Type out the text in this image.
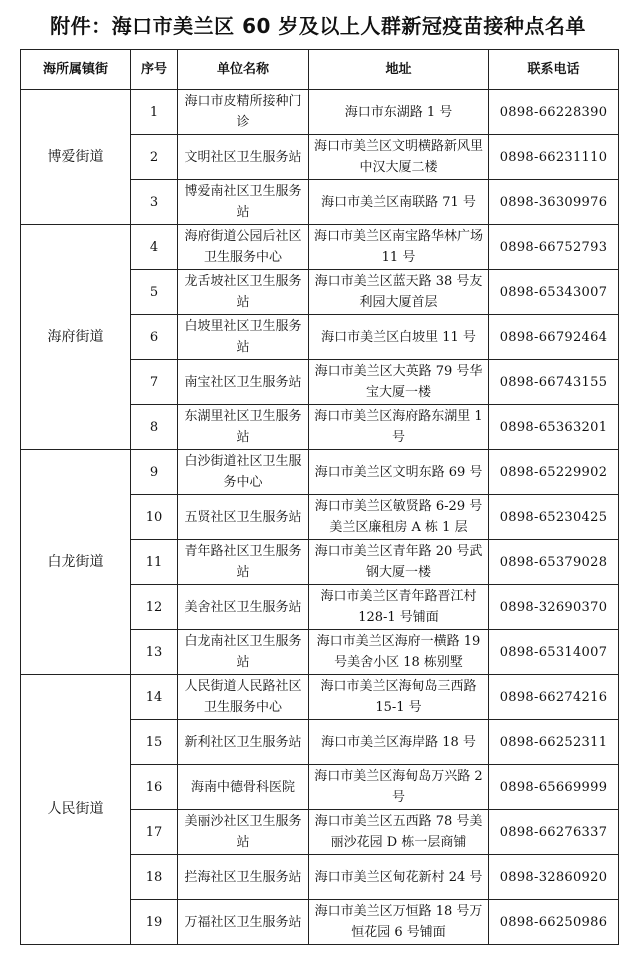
附件：海口市美兰区 60 岁及以上人群新冠疫苗接种点名单
海所属镇街	序号	单位名称	地址	联系电话
博爱街道	1	海口市皮精所接种门诊	海口市东湖路 1 号	0898-66228390
	2	文明社区卫生服务站	海口市美兰区文明横路新风里中汉大厦二楼	0898-66231110
	3	博爱南社区卫生服务站	海口市美兰区南联路 71 号	0898-36309976
海府街道	4	海府街道公园后社区卫生服务中心	海口市美兰区南宝路华林广场 11 号	0898-66752793
	5	龙舌坡社区卫生服务站	海口市美兰区蓝天路 38 号友利园大厦首层	0898-65343007
	6	白坡里社区卫生服务站	海口市美兰区白坡里 11 号	0898-66792464
	7	南宝社区卫生服务站	海口市美兰区大英路 79 号华宝大厦一楼	0898-66743155
	8	东湖里社区卫生服务站	海口市美兰区海府路东湖里 1 号	0898-65363201
白龙街道	9	白沙街道社区卫生服务中心	海口市美兰区文明东路 69 号	0898-65229902
	10	五贤社区卫生服务站	海口市美兰区敏贤路 6-29 号美兰区廉租房 A 栋 1 层	0898-65230425
	11	青年路社区卫生服务站	海口市美兰区青年路 20 号武钢大厦一楼	0898-65379028
	12	美舍社区卫生服务站	海口市美兰区青年路晋江村 128-1 号铺面	0898-32690370
	13	白龙南社区卫生服务站	海口市美兰区海府一横路 19 号美舍小区 18 栋别墅	0898-65314007
人民街道	14	人民街道人民路社区卫生服务中心	海口市美兰区海甸岛三西路 15-1 号	0898-66274216
	15	新利社区卫生服务站	海口市美兰区海岸路 18 号	0898-66252311
	16	海南中德骨科医院	海口市美兰区海甸岛万兴路 2 号	0898-65669999
	17	美丽沙社区卫生服务站	海口市美兰区五西路 78 号美丽沙花园 D 栋一层商铺	0898-66276337
	18	拦海社区卫生服务站	海口市美兰区甸花新村 24 号	0898-32860920
	19	万福社区卫生服务站	海口市美兰区万恒路 18 号万恒花园 6 号铺面	0898-66250986
